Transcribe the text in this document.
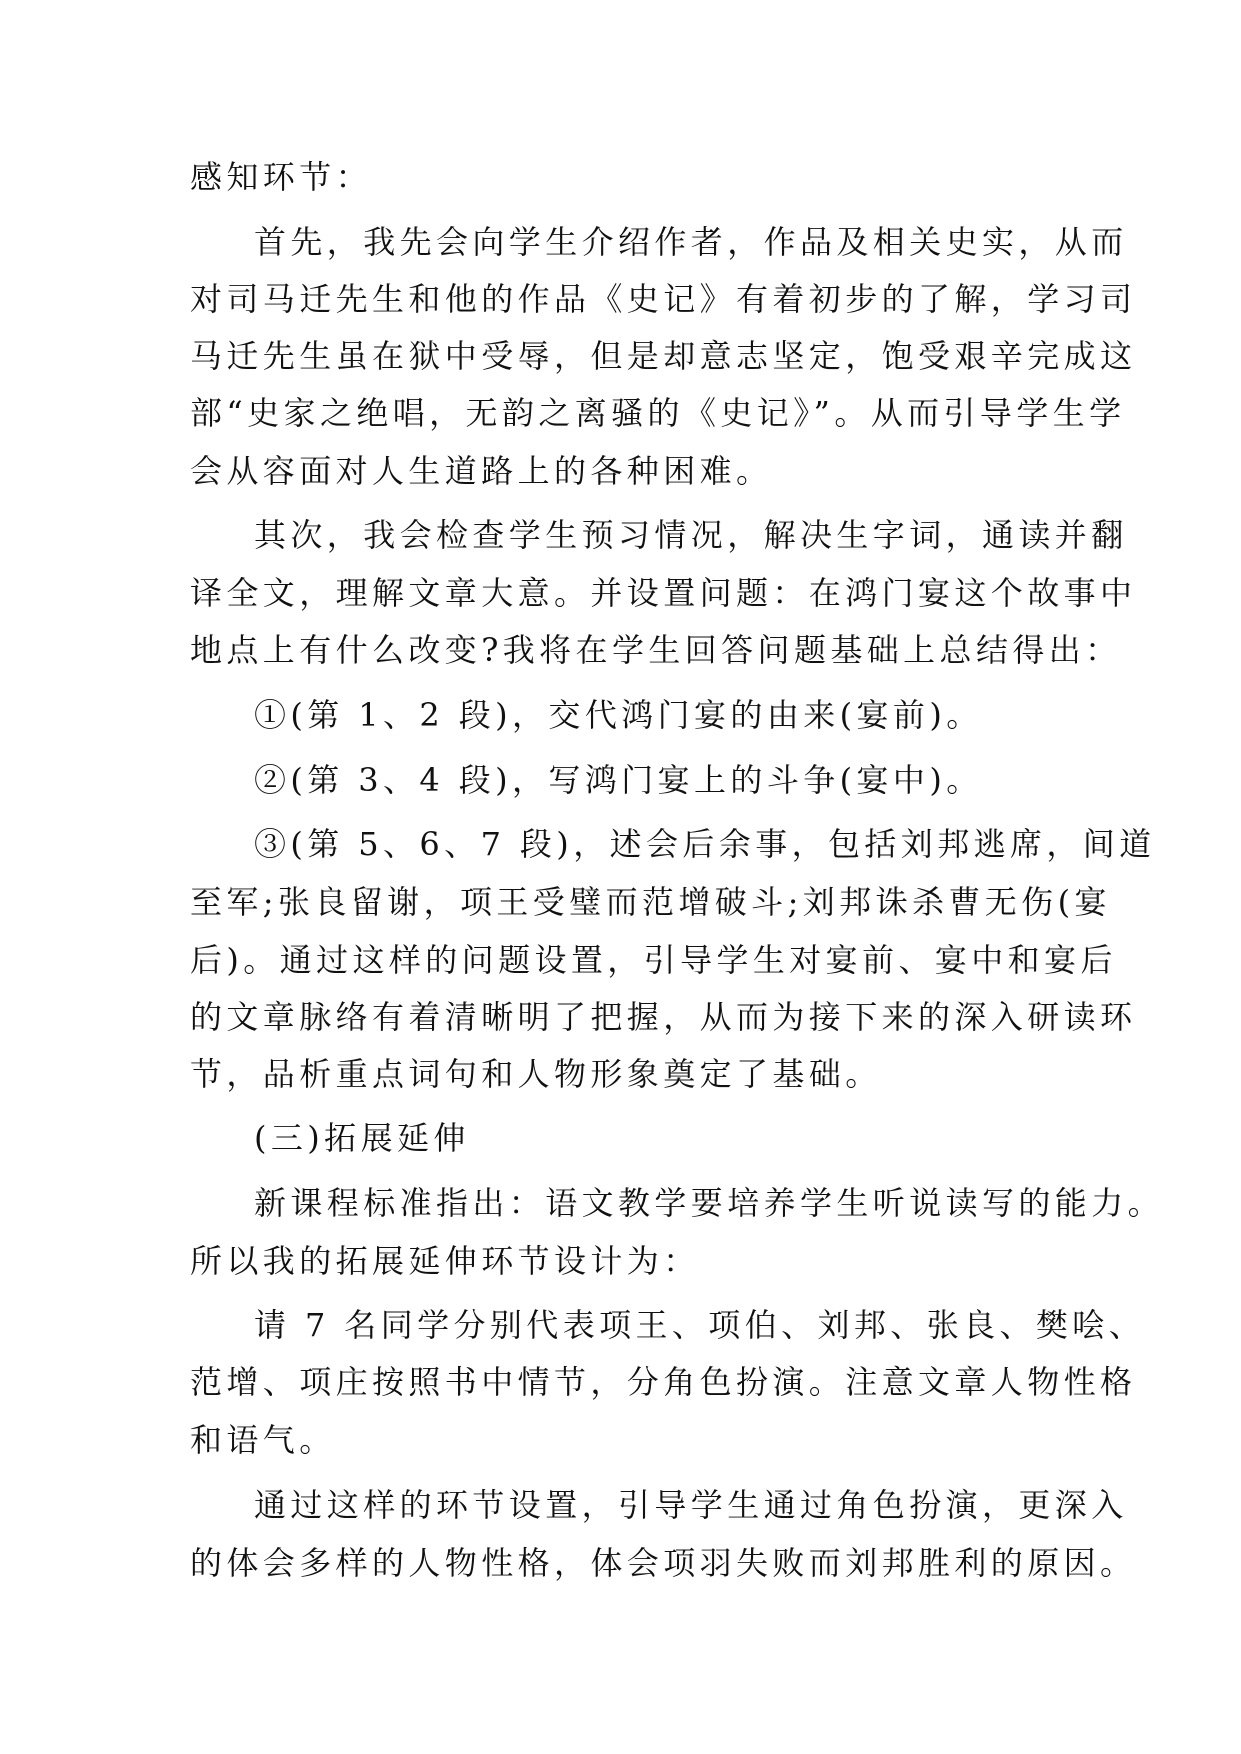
感知环节：
首先，我先会向学生介绍作者，作品及相关史实，从而
对司马迁先生和他的作品《史记》有着初步的了解，学习司
马迁先生虽在狱中受辱，但是却意志坚定，饱受艰辛完成这
部“史家之绝唱，无韵之离骚的《史记》”。从而引导学生学
会从容面对人生道路上的各种困难。
其次，我会检查学生预习情况，解决生字词，通读并翻
译全文，理解文章大意。并设置问题：在鸿门宴这个故事中
地点上有什么改变?我将在学生回答问题基础上总结得出：
①(第 1、2 段)，交代鸿门宴的由来(宴前)。
②(第 3、4 段)，写鸿门宴上的斗争(宴中)。
③(第 5、6、7 段)，述会后余事，包括刘邦逃席，间道
至军;张良留谢，项王受璧而范增破斗;刘邦诛杀曹无伤(宴
后)。通过这样的问题设置，引导学生对宴前、宴中和宴后
的文章脉络有着清晰明了把握，从而为接下来的深入研读环
节，品析重点词句和人物形象奠定了基础。
(三)拓展延伸
新课程标准指出：语文教学要培养学生听说读写的能力。
所以我的拓展延伸环节设计为：
请 7 名同学分别代表项王、项伯、刘邦、张良、樊哙、
范增、项庄按照书中情节，分角色扮演。注意文章人物性格
和语气。
通过这样的环节设置，引导学生通过角色扮演，更深入
的体会多样的人物性格，体会项羽失败而刘邦胜利的原因。
